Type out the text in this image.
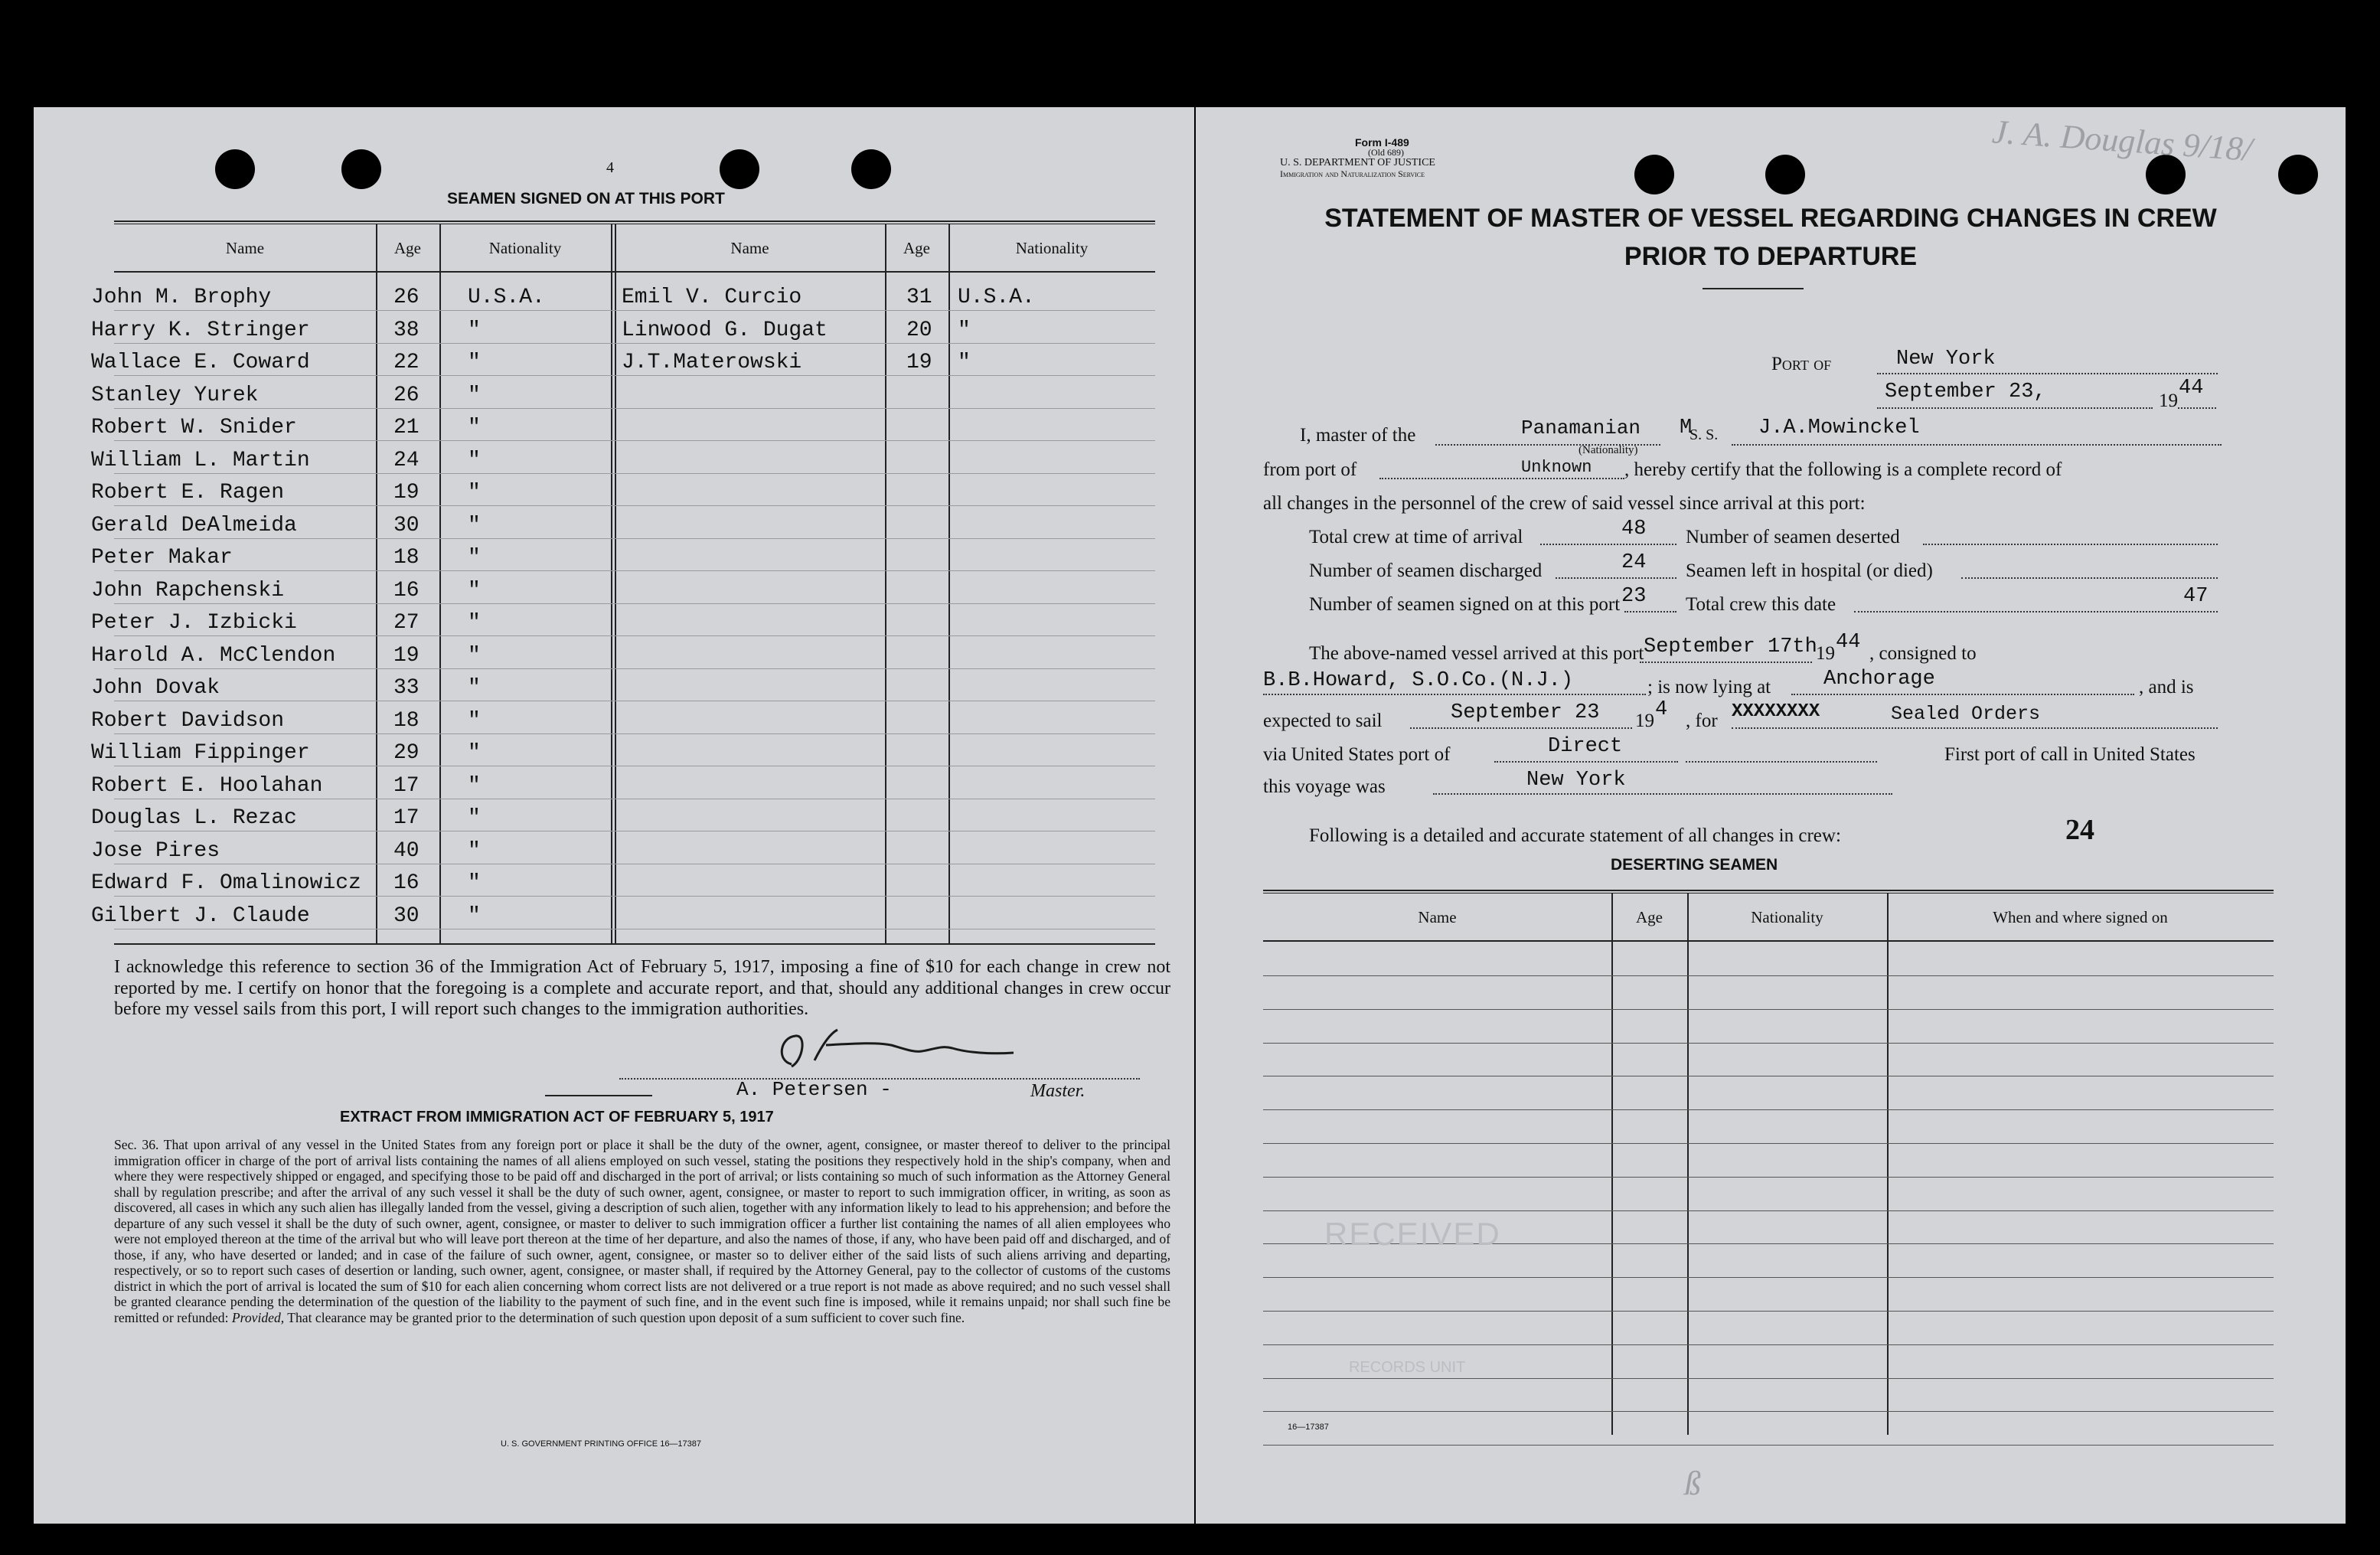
4
SEAMEN SIGNED ON AT THIS PORT
Name	Age	Nationality	Name	Age	Nationality
John M. Brophy	26 U.S.A.
Harry K. Stringer	38 "
Wallace E. Coward	22 "
Stanley Yurek	26 "
Robert W. Snider	21 "
William L. Martin	24 "
Robert E. Ragen	19 "
Gerald DeAlmeida	30 "
Peter Makar	18 "
John Rapchenski	16 "
Peter J. Izbicki	27 "
Harold A. McClendon	19 "
John Dovak	33 "
Robert Davidson	18 "
William Fippinger	29 "
Robert E. Hoolahan	17 "
Douglas L. Rezac	17 "
Jose Pires	40 "
Edward F. Omalinowicz 16 "
Gilbert J. Claude	30 "
Emil V. Curcio	31 U.S.A.
Linwood G. Dugat	20 "
J.T.Materowski	19 "
I acknowledge this reference to section 36 of the Immigration Act of February 5, 1917, imposing a fine of $10 for each change in crew not reported by me. I certify on honor that the foregoing is a complete and accurate report, and that, should any additional changes in crew occur before my vessel sails from this port, I will report such changes to the immigration authorities.
A. Petersen -	Master.
EXTRACT FROM IMMIGRATION ACT OF FEBRUARY 5, 1917
Sec. 36. That upon arrival of any vessel in the United States from any foreign port or place it shall be the duty of the owner, agent, consignee, or master thereof to deliver to the principal immigration officer in charge of the port of arrival lists containing the names of all aliens employed on such vessel, stating the positions they respectively hold in the ship's company, when and where they were respectively shipped or engaged, and specifying those to be paid off and discharged in the port of arrival; or lists containing so much of such information as the Attorney General shall by regulation prescribe; and after the arrival of any such vessel it shall be the duty of such owner, agent, consignee, or master to report to such immigration officer, in writing, as soon as discovered, all cases in which any such alien has illegally landed from the vessel, giving a description of such alien, together with any information likely to lead to his apprehension; and before the departure of any such vessel it shall be the duty of such owner, agent, consignee, or master to deliver to such immigration officer a further list containing the names of all alien employees who were not employed thereon at the time of the arrival but who will leave port thereon at the time of her departure, and also the names of those, if any, who have been paid off and discharged, and of those, if any, who have deserted or landed; and in case of the failure of such owner, agent, consignee, or master so to deliver either of the said lists of such aliens arriving and departing, respectively, or so to report such cases of desertion or landing, such owner, agent, consignee, or master shall, if required by the Attorney General, pay to the collector of customs of the customs district in which the port of arrival is located the sum of $10 for each alien concerning whom correct lists are not delivered or a true report is not made as above required; and no such vessel shall be granted clearance pending the determination of the question of the liability to the payment of such fine, and in the event such fine is imposed, while it remains unpaid; nor shall such fine be remitted or refunded: Provided, That clearance may be granted prior to the determination of such question upon deposit of a sum sufficient to cover such fine.
U. S. GOVERNMENT PRINTING OFFICE 16—17387
Form I-489
(Old 689)
U. S. DEPARTMENT OF JUSTICE
Immigration and Naturalization Service
J. A. Douglas 9/18/
STATEMENT OF MASTER OF VESSEL REGARDING CHANGES IN CREW
PRIOR TO DEPARTURE
Port of	New York
September 23,	19
44
I, master of the	Panamanian
(Nationality)
M
S. S. J.A.Mowinckel
from port of	Unknown , hereby certify that the following is a complete record of
all changes in the personnel of the crew of said vessel since arrival at this port:
Total crew at time of arrival	48 Number of seamen deserted
Number of seamen discharged	24 Seamen left in hospital (or died)
Number of seamen signed on at this port 23 Total crew this date	47
The above-named vessel arrived at this port September 17th
19 44 , consigned to
B.B.Howard, S.O.Co.(N.J.)	; is now lying at	Anchorage	, and is
expected to sail	September 23 19 4 , for XXXXXXXX	Sealed Orders
via United States port of	Direct	First port of call in United States
this voyage was	New York
Following is a detailed and accurate statement of all changes in crew:	24
DESERTING SEAMEN
Name	Age	Nationality	When and where signed on
RECEIVED
RECORDS UNIT
16—17387
ß
